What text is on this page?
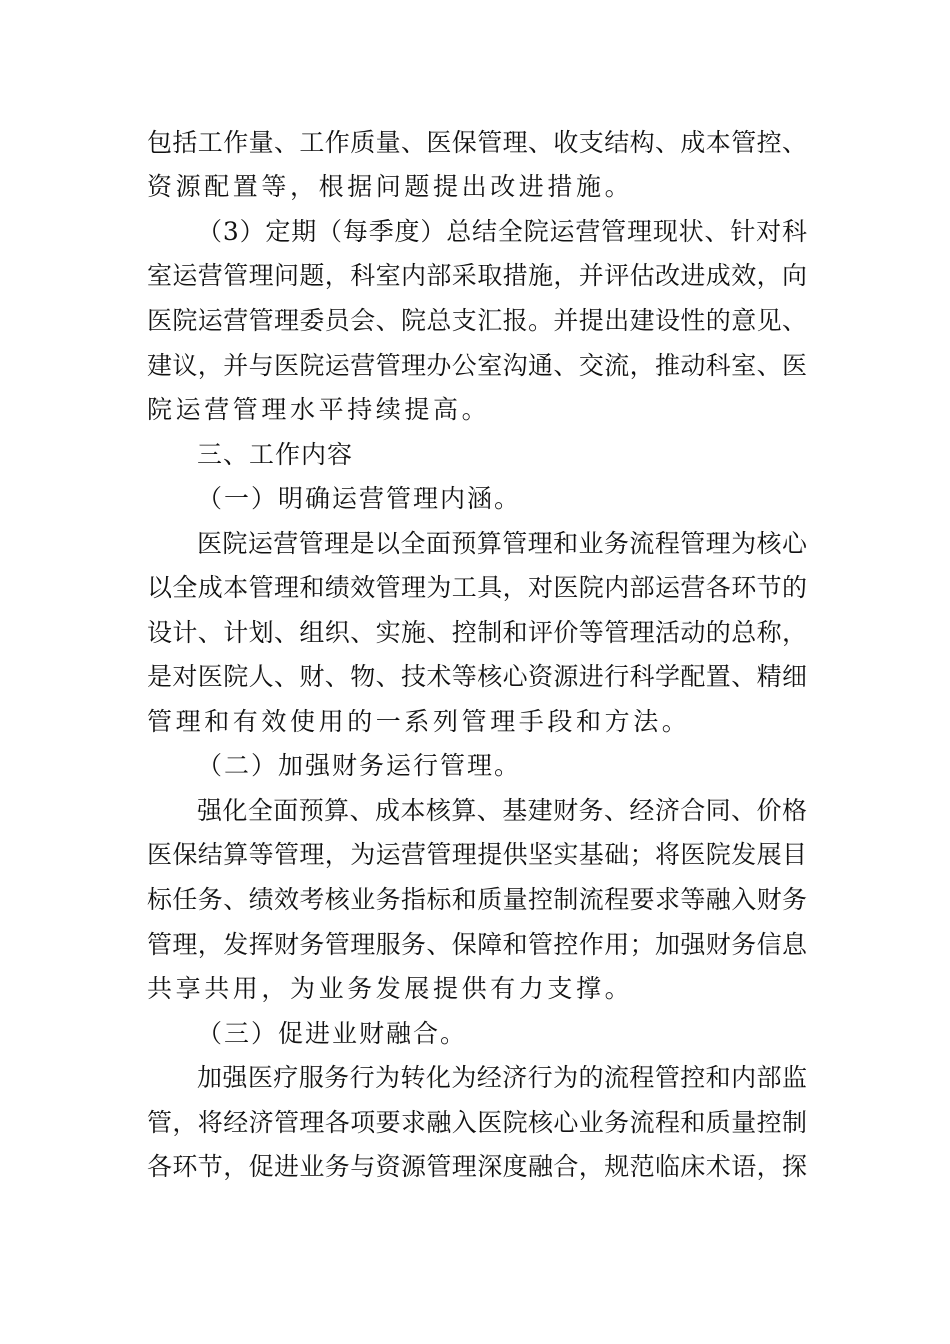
包括工作量、工作质量、医保管理、收支结构、成本管控、
资源配置等，根据问题提出改进措施。
（3）定期（每季度）总结全院运营管理现状、针对科
室运营管理问题，科室内部采取措施，并评估改进成效，向
医院运营管理委员会、院总支汇报。并提出建设性的意见、
建议，并与医院运营管理办公室沟通、交流，推动科室、医
院运营管理水平持续提高。
三、工作内容
（一）明确运营管理内涵。
医院运营管理是以全面预算管理和业务流程管理为核心
以全成本管理和绩效管理为工具，对医院内部运营各环节的
设计、计划、组织、实施、控制和评价等管理活动的总称，
是对医院人、财、物、技术等核心资源进行科学配置、精细
管理和有效使用的一系列管理手段和方法。
（二）加强财务运行管理。
强化全面预算、成本核算、基建财务、经济合同、价格
医保结算等管理，为运营管理提供坚实基础；将医院发展目
标任务、绩效考核业务指标和质量控制流程要求等融入财务
管理，发挥财务管理服务、保障和管控作用；加强财务信息
共享共用，为业务发展提供有力支撑。
（三）促进业财融合。
加强医疗服务行为转化为经济行为的流程管控和内部监
管，将经济管理各项要求融入医院核心业务流程和质量控制
各环节，促进业务与资源管理深度融合，规范临床术语，探
